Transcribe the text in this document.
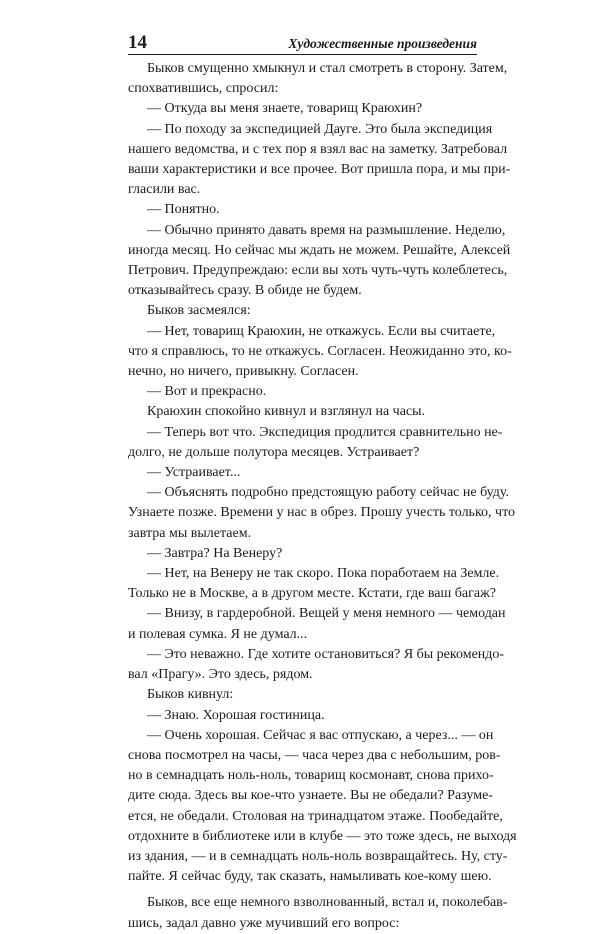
14	Художественные произведения
Быков смущенно хмыкнул и стал смотреть в сторону. Затем,
спохватившись, спросил:
— Откуда вы меня знаете, товарищ Краюхин?
— По походу за экспедицией Дауге. Это была экспедиция
нашего ведомства, и с тех пор я взял вас на заметку. Затребовал
ваши характеристики и все прочее. Вот пришла пора, и мы при-
гласили вас.
— Понятно.
— Обычно принято давать время на размышление. Неделю,
иногда месяц. Но сейчас мы ждать не можем. Решайте, Алексей
Петрович. Предупреждаю: если вы хоть чуть-чуть колеблетесь,
отказывайтесь сразу. В обиде не будем.
Быков засмеялся:
— Нет, товарищ Краюхин, не откажусь. Если вы считаете,
что я справлюсь, то не откажусь. Согласен. Неожиданно это, ко-
нечно, но ничего, привыкну. Согласен.
— Вот и прекрасно.
Краюхин спокойно кивнул и взглянул на часы.
— Теперь вот что. Экспедиция продлится сравнительно не-
долго, не дольше полутора месяцев. Устраивает?
— Устраивает...
— Объяснять подробно предстоящую работу сейчас не буду.
Узнаете позже. Времени у нас в обрез. Прошу учесть только, что
завтра мы вылетаем.
— Завтра? На Венеру?
— Нет, на Венеру не так скоро. Пока поработаем на Земле.
Только не в Москве, а в другом месте. Кстати, где ваш багаж?
— Внизу, в гардеробной. Вещей у меня немного — чемодан
и полевая сумка. Я не думал...
— Это неважно. Где хотите остановиться? Я бы рекомендо-
вал «Прагу». Это здесь, рядом.
Быков кивнул:
— Знаю. Хорошая гостиница.
— Очень хорошая. Сейчас я вас отпускаю, а через... — он
снова посмотрел на часы, — часа через два с небольшим, ров-
но в семнадцать ноль-ноль, товарищ космонавт, снова прихо-
дите сюда. Здесь вы кое-что узнаете. Вы не обедали? Разуме-
ется, не обедали. Столовая на тринадцатом этаже. Пообедайте,
отдохните в библиотеке или в клубе — это тоже здесь, не выходя
из здания, — и в семнадцать ноль-ноль возвращайтесь. Ну, сту-
пайте. Я сейчас буду, так сказать, намыливать кое-кому шею.
Быков, все еще немного взволнованный, встал и, поколебав-
шись, задал давно уже мучивший его вопрос:
